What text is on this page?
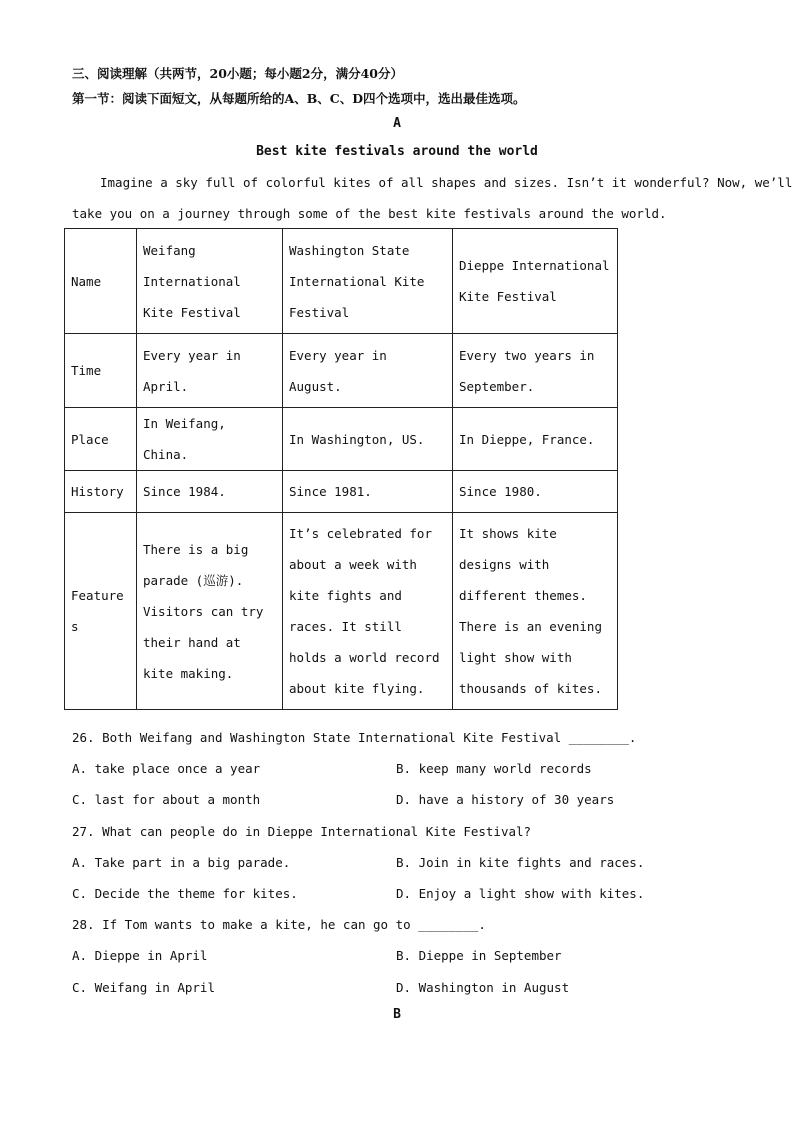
三、阅读理解（共两节，20小题；每小题2分，满分40分）
第一节：阅读下面短文，从每题所给的A、B、C、D四个选项中，选出最佳选项。
A
Best kite festivals around the world
Imagine a sky full of colorful kites of all shapes and sizes. Isn’t it wonderful? Now, we’ll
take you on a journey through some of the best kite festivals around the world.
Name	Weifang International Kite Festival	Washington State International Kite Festival	Dieppe International Kite Festival
Time	Every year in April.	Every year in August.	Every two years in September.
Place	In Weifang, China.	In Washington, US.	In Dieppe, France.
History	Since 1984.	Since 1981.	Since 1980.
Features	There is a big parade (巡游). Visitors can try their hand at kite making.	It’s celebrated for about a week with kite fights and races. It still holds a world record about kite flying.	It shows kite designs with different themes. There is an evening light show with thousands of kites.
26. Both Weifang and Washington State International Kite Festival ________.
A. take place once a year	B. keep many world records
C. last for about a month	D. have a history of 30 years
27. What can people do in Dieppe International Kite Festival?
A. Take part in a big parade.	B. Join in kite fights and races.
C. Decide the theme for kites.	D. Enjoy a light show with kites.
28. If Tom wants to make a kite, he can go to ________.
A. Dieppe in April	B. Dieppe in September
C. Weifang in April	D. Washington in August
B
